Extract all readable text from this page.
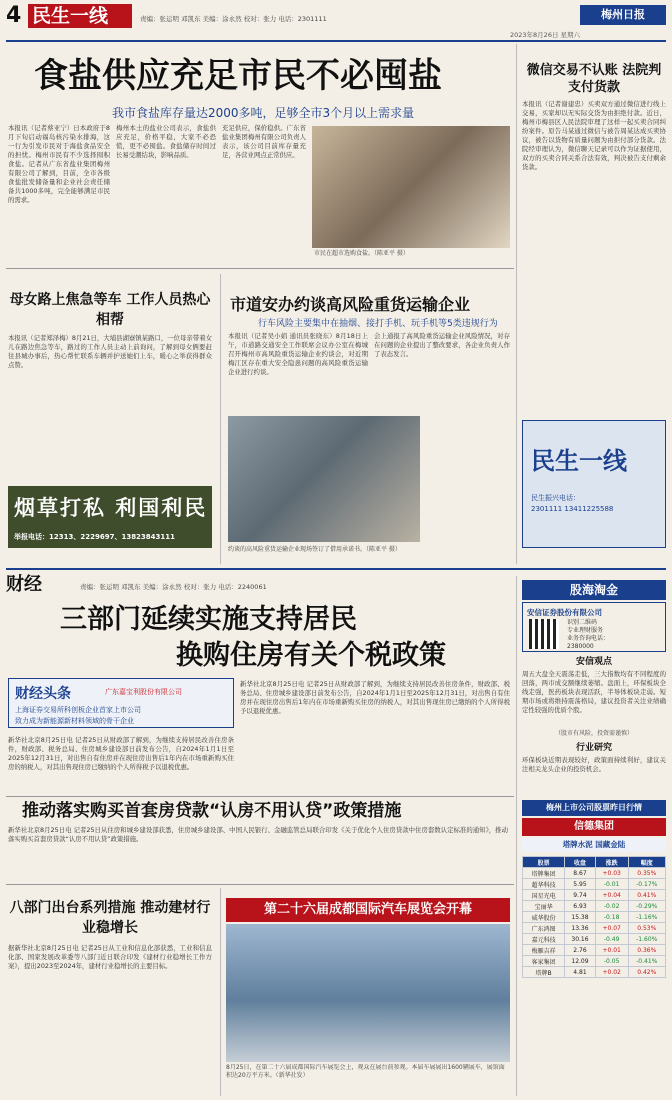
4 民生一线	责编：张运明 邓凯东 美编：涂永然 校对：张力 电话：2301111	梅州日报
2023年8月26日 星期六
食盐供应充足市民不必囤盐
我市食盐库存量达2000多吨，足够全市3个月以上需求量
本报讯（记者蔡亚宁）日本政府于8月下旬启动福岛核污染水排海，这一行为引发市民对于海盐食品安全的担忧。梅州市民有不少选择囤积食盐。记者从广东省盐业集团梅州有限公司了解到，目前，全市各级食盐批发储备量和企业社会责任储备共1000多吨，完全能够满足市民的需求。
梅州本土的盐业公司表示，食盐供应充足，价格平稳，大家不必恐慌，更不必囤盐。食盐储存时间过长易受潮结块，影响品质。
充足供应，保价稳供。广东省盐业集团梅州有限公司负责人表示，该公司目前库存量充足，各营业网点正常供应。
市民在超市选购食盐。（陈亚平 摄）
微信交易不认账 法院判支付货款
本报讯（记者谢建忠）买卖双方通过微信进行线上交易，买家却以无实际交货为由拒绝付款。近日，梅州市梅县区人民法院审理了这样一起买卖合同纠纷案件。原告马某通过微信与被告周某达成买卖协议，被告以货物有质量问题为由拒付部分货款。法院经审理认为，微信聊天记录可以作为证据使用，双方的买卖合同关系合法有效，判决被告支付剩余货款。
母女路上焦急等车 工作人员热心相帮
本报讯（记者郑泽梅）8月21日，大埔县湖寮镇某路口，一位母亲带着女儿在路边焦急等车，路过的工作人员主动上前询问，了解到母女俩要赶往县城办事后，热心帮忙联系车辆并护送她们上车，暖心之举获得群众点赞。
烟草打私 利国利民
举报电话：12313、2229697、13823843111
市道安办约谈高风险重货运输企业
行车风险主要集中在抽烟、接打手机、玩手机等5类违规行为
本报讯（记者吴小娟 通讯员张晓东）8月18日上午，市道路交通安全工作联席会议办公室在梅城召开梅州市高风险重货运输企业约谈会，对近期梅江区存在重大安全隐患问题的高风险重货运输企业进行约谈。
会上通报了高风险重货运输企业风险情况，对存在问题的企业提出了整改要求，各企业负责人作了表态发言。
约谈的高风险重货运输企业现场签订了借用承诺书。（陈亚平 摄）
民生一线
民生振兴电话：
2301111 13411225588
财经	责编：张运明 邓凯东 美编：涂永然 校对：张力 电话：2240061
三部门延续实施支持居民
换购住房有关个税政策
财经头条	广东嘉宝利股份有限公司
上海证券交易所科创板企业首家上市公司
致力成为新能源新材料领域的骨干企业
新华社北京8月25日电 记者25日从财政部了解到，为继续支持居民改善住房条件，财政部、税务总局、住房城乡建设部日前发布公告，自2024年1月1日至2025年12月31日，对出售自有住房并在现住房出售后1年内在市场重新购买住房的纳税人，对其出售现住房已缴纳的个人所得税予以退税优惠。
新华社北京8月25日电 记者25日从财政部了解到，为继续支持居民改善住房条件，财政部、税务总局、住房城乡建设部日前发布公告，自2024年1月1日至2025年12月31日，对出售自有住房并在现住房出售后1年内在市场重新购买住房的纳税人，对其出售现住房已缴纳的个人所得税予以退税优惠。
股海淘金
安信证券股份有限公司
识别二维码
专业理财服务
业务咨询电话：
2380000
安信观点
周五大盘全天震荡走低，三大指数均有不同程度的回落，两市成交额继续萎缩。盘面上，环保板块全线走强，医药板块表现活跃，半导体板块走弱。短期市场或将维持震荡格局，建议投资者关注业绩确定性较强的优质个股。
（股市有风险，投资需谨慎）
行业研究
环保板块近期表现较好，政策面持续利好，建议关注相关龙头企业的投资机会。
推动落实购买首套房贷款“认房不用认贷”政策措施
新华社北京8月25日电 记者25日从住房和城乡建设部获悉，住房城乡建设部、中国人民银行、金融监管总局联合印发《关于优化个人住房贷款中住房套数认定标准的通知》，推动落实购买首套房贷款“认房不用认贷”政策措施。
八部门出台系列措施 推动建材行业稳增长
据新华社北京8月25日电 记者25日从工业和信息化部获悉，工业和信息化部、国家发展改革委等八部门近日联合印发《建材行业稳增长工作方案》，提出2023至2024年，建材行业稳增长的主要目标。
第二十六届成都国际汽车展览会开幕
8月25日，在第二十六届成都国际汽车展览会上，观众在展台前参观。本届车展展出1600辆展车，展馆面积达20万平方米。（新华社发）
梅州上市公司股票昨日行情
信德集团
塔牌水泥 国藏金陆
股票	收盘	涨跌	幅度
塔牌集团	8.67	+0.03	0.35%
超华科技	5.95	-0.01	-0.17%
国星光电	9.74	+0.04	0.41%
宝丽华	6.93	-0.02	-0.29%
威华股份	15.38	-0.18	-1.16%
广东鸿图	13.36	+0.07	0.53%
嘉元科技	30.16	-0.49	-1.60%
梅雁吉祥	2.76	+0.01	0.36%
客家集团	12.09	-0.05	-0.41%
塔牌B	4.81	+0.02	0.42%
